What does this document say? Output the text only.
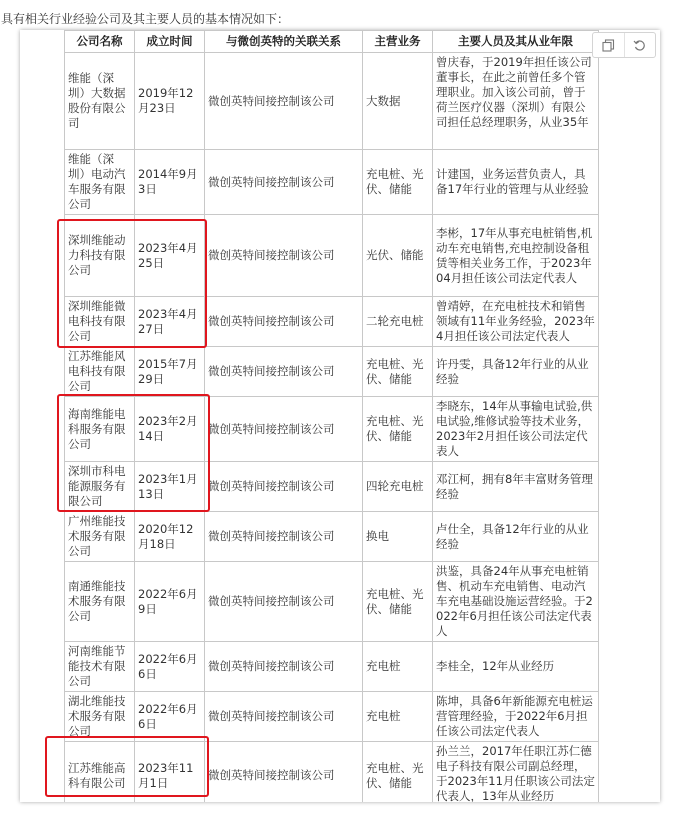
具有相关行业经验公司及其主要人员的基本情况如下：
公司名称	成立时间	与微创英特的关联关系	主营业务	主要人员及其从业年限
维能（深圳）大数据股份有限公司	2019年12月23日	微创英特间接控制该公司	大数据	曾庆春，于2019年担任该公司董事长，在此之前曾任多个管理职业。加入该公司前，曾于荷兰医疗仪器（深圳）有限公司担任总经理职务，从业35年
维能（深圳）电动汽车服务有限公司	2014年9月3日	微创英特间接控制该公司	充电桩、光伏、储能	计建国，业务运营负责人，具备17年行业的管理与从业经验
深圳维能动力科技有限公司	2023年4月25日	微创英特间接控制该公司	光伏、储能	李彬，17年从事充电桩销售,机动车充电销售,充电控制设备租赁等相关业务工作，于2023年04月担任该公司法定代表人
深圳维能微电科技有限公司	2023年4月27日	微创英特间接控制该公司	二轮充电桩	曾靖婷，在充电桩技术和销售领域有11年业务经验，2023年4月担任该公司法定代表人
江苏维能风电科技有限公司	2015年7月29日	微创英特间接控制该公司	充电桩、光伏、储能	许丹雯，具备12年行业的从业经验
海南维能电科服务有限公司	2023年2月14日	微创英特间接控制该公司	充电桩、光伏、储能	李晓东，14年从事输电试验,供电试验,维修试验等技术业务，2023年2月担任该公司法定代表人
深圳市科电能源服务有限公司	2023年1月13日	微创英特间接控制该公司	四轮充电桩	邓江柯，拥有8年丰富财务管理经验
广州维能技术服务有限公司	2020年12月18日	微创英特间接控制该公司	换电	卢仕全，具备12年行业的从业经验
南通维能技术服务有限公司	2022年6月9日	微创英特间接控制该公司	充电桩、光伏、储能	洪鉴，具备24年从事充电桩销售、机动车充电销售、电动汽车充电基础设施运营经验。于2022年6月担任该公司法定代表人
河南维能节能技术有限公司	2022年6月6日	微创英特间接控制该公司	充电桩	李桂全，12年从业经历
湖北维能技术服务有限公司	2022年6月6日	微创英特间接控制该公司	充电桩	陈坤，具备6年新能源充电桩运营管理经验，于2022年6月担任该公司法定代表人
江苏维能高科有限公司	2023年11月1日	微创英特间接控制该公司	充电桩、光伏、储能	孙兰兰，2017年任职江苏仁德电子科技有限公司副总经理，于2023年11月任职该公司法定代表人，13年从业经历
